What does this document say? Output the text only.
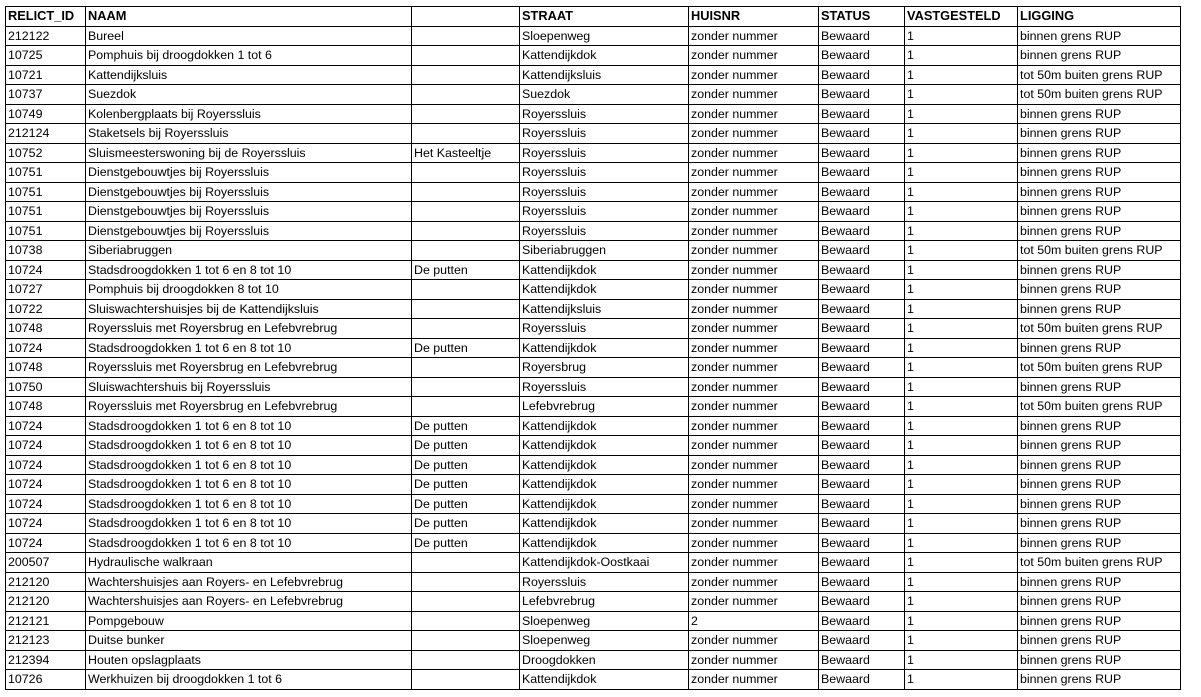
RELICT_ID	NAAM		STRAAT	HUISNR	STATUS	VASTGESTELD	LIGGING
212122	Bureel		Sloepenweg	zonder nummer	Bewaard	1	binnen grens RUP
10725	Pomphuis bij droogdokken 1 tot 6		Kattendijkdok	zonder nummer	Bewaard	1	binnen grens RUP
10721	Kattendijksluis		Kattendijksluis	zonder nummer	Bewaard	1	tot 50m buiten grens RUP
10737	Suezdok		Suezdok	zonder nummer	Bewaard	1	tot 50m buiten grens RUP
10749	Kolenbergplaats bij Royerssluis		Royerssluis	zonder nummer	Bewaard	1	binnen grens RUP
212124	Staketsels bij Royerssluis		Royerssluis	zonder nummer	Bewaard	1	binnen grens RUP
10752	Sluismeesterswoning bij de Royerssluis	Het Kasteeltje	Royerssluis	zonder nummer	Bewaard	1	binnen grens RUP
10751	Dienstgebouwtjes bij Royerssluis		Royerssluis	zonder nummer	Bewaard	1	binnen grens RUP
10751	Dienstgebouwtjes bij Royerssluis		Royerssluis	zonder nummer	Bewaard	1	binnen grens RUP
10751	Dienstgebouwtjes bij Royerssluis		Royerssluis	zonder nummer	Bewaard	1	binnen grens RUP
10751	Dienstgebouwtjes bij Royerssluis		Royerssluis	zonder nummer	Bewaard	1	binnen grens RUP
10738	Siberiabruggen		Siberiabruggen	zonder nummer	Bewaard	1	tot 50m buiten grens RUP
10724	Stadsdroogdokken 1 tot 6 en 8 tot 10	De putten	Kattendijkdok	zonder nummer	Bewaard	1	binnen grens RUP
10727	Pomphuis bij droogdokken 8 tot 10		Kattendijkdok	zonder nummer	Bewaard	1	binnen grens RUP
10722	Sluiswachtershuisjes bij de Kattendijksluis		Kattendijksluis	zonder nummer	Bewaard	1	binnen grens RUP
10748	Royerssluis met Royersbrug en Lefebvrebrug		Royerssluis	zonder nummer	Bewaard	1	tot 50m buiten grens RUP
10724	Stadsdroogdokken 1 tot 6 en 8 tot 10	De putten	Kattendijkdok	zonder nummer	Bewaard	1	binnen grens RUP
10748	Royerssluis met Royersbrug en Lefebvrebrug		Royersbrug	zonder nummer	Bewaard	1	tot 50m buiten grens RUP
10750	Sluiswachtershuis bij Royerssluis		Royerssluis	zonder nummer	Bewaard	1	binnen grens RUP
10748	Royerssluis met Royersbrug en Lefebvrebrug		Lefebvrebrug	zonder nummer	Bewaard	1	tot 50m buiten grens RUP
10724	Stadsdroogdokken 1 tot 6 en 8 tot 10	De putten	Kattendijkdok	zonder nummer	Bewaard	1	binnen grens RUP
10724	Stadsdroogdokken 1 tot 6 en 8 tot 10	De putten	Kattendijkdok	zonder nummer	Bewaard	1	binnen grens RUP
10724	Stadsdroogdokken 1 tot 6 en 8 tot 10	De putten	Kattendijkdok	zonder nummer	Bewaard	1	binnen grens RUP
10724	Stadsdroogdokken 1 tot 6 en 8 tot 10	De putten	Kattendijkdok	zonder nummer	Bewaard	1	binnen grens RUP
10724	Stadsdroogdokken 1 tot 6 en 8 tot 10	De putten	Kattendijkdok	zonder nummer	Bewaard	1	binnen grens RUP
10724	Stadsdroogdokken 1 tot 6 en 8 tot 10	De putten	Kattendijkdok	zonder nummer	Bewaard	1	binnen grens RUP
10724	Stadsdroogdokken 1 tot 6 en 8 tot 10	De putten	Kattendijkdok	zonder nummer	Bewaard	1	binnen grens RUP
200507	Hydraulische walkraan		Kattendijkdok-Oostkaai	zonder nummer	Bewaard	1	tot 50m buiten grens RUP
212120	Wachtershuisjes aan Royers- en Lefebvrebrug		Royerssluis	zonder nummer	Bewaard	1	binnen grens RUP
212120	Wachtershuisjes aan Royers- en Lefebvrebrug		Lefebvrebrug	zonder nummer	Bewaard	1	binnen grens RUP
212121	Pompgebouw		Sloepenweg	2	Bewaard	1	binnen grens RUP
212123	Duitse bunker		Sloepenweg	zonder nummer	Bewaard	1	binnen grens RUP
212394	Houten opslagplaats		Droogdokken	zonder nummer	Bewaard	1	binnen grens RUP
10726	Werkhuizen bij droogdokken 1 tot 6		Kattendijkdok	zonder nummer	Bewaard	1	binnen grens RUP
